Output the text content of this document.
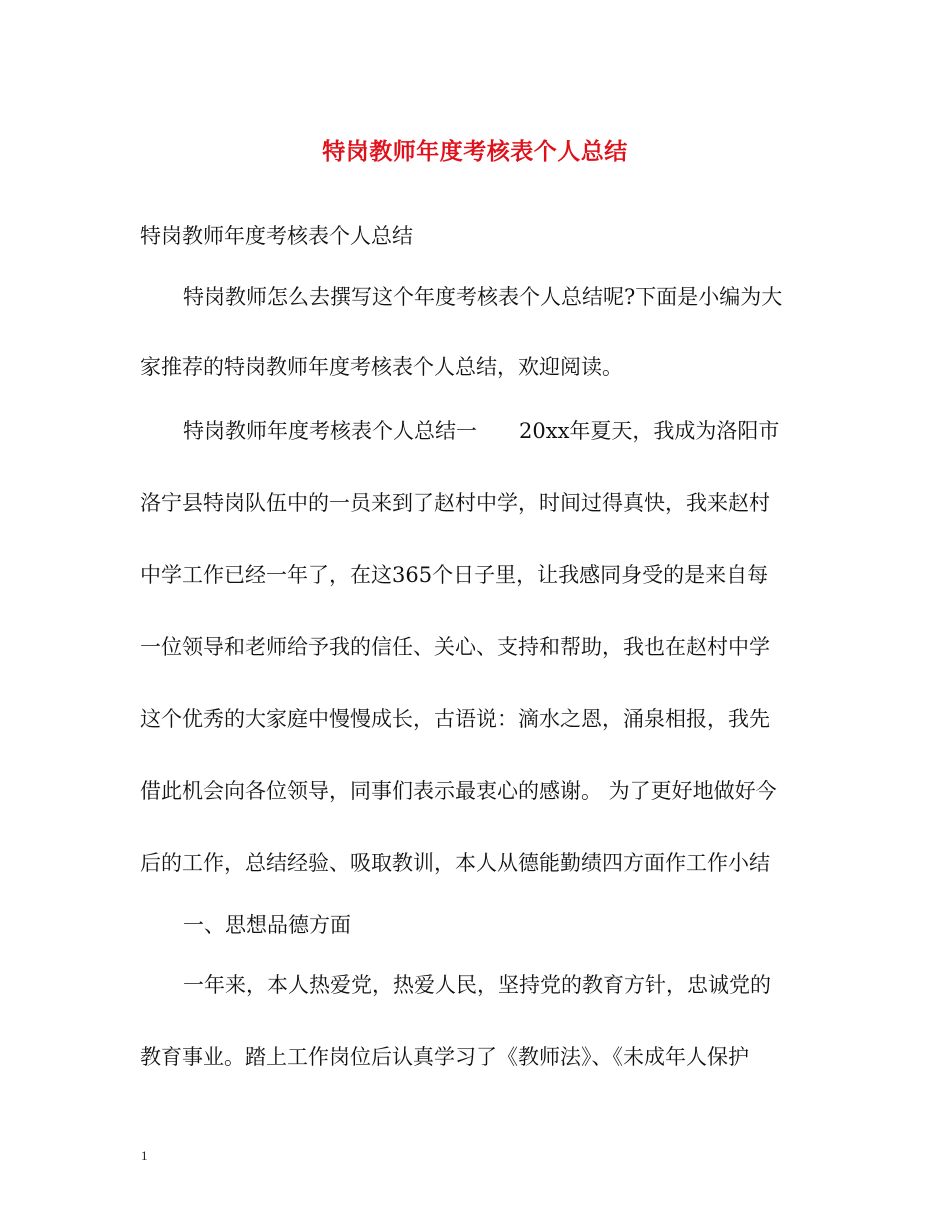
特岗教师年度考核表个人总结
特岗教师年度考核表个人总结
特岗教师怎么去撰写这个年度考核表个人总结呢?下面是小编为大
家推荐的特岗教师年度考核表个人总结，欢迎阅读。
特岗教师年度考核表个人总结一　　20xx年夏天，我成为洛阳市
洛宁县特岗队伍中的一员来到了赵村中学，时间过得真快，我来赵村
中学工作已经一年了，在这365个日子里，让我感同身受的是来自每
一位领导和老师给予我的信任、关心、支持和帮助，我也在赵村中学
这个优秀的大家庭中慢慢成长，古语说：滴水之恩，涌泉相报，我先
借此机会向各位领导，同事们表示最衷心的感谢。 为了更好地做好今
后的工作，总结经验、吸取教训，本人从德能勤绩四方面作工作小结
一、思想品德方面
一年来，本人热爱党，热爱人民，坚持党的教育方针，忠诚党的
教育事业。踏上工作岗位后认真学习了《教师法》、《未成年人保护
1
